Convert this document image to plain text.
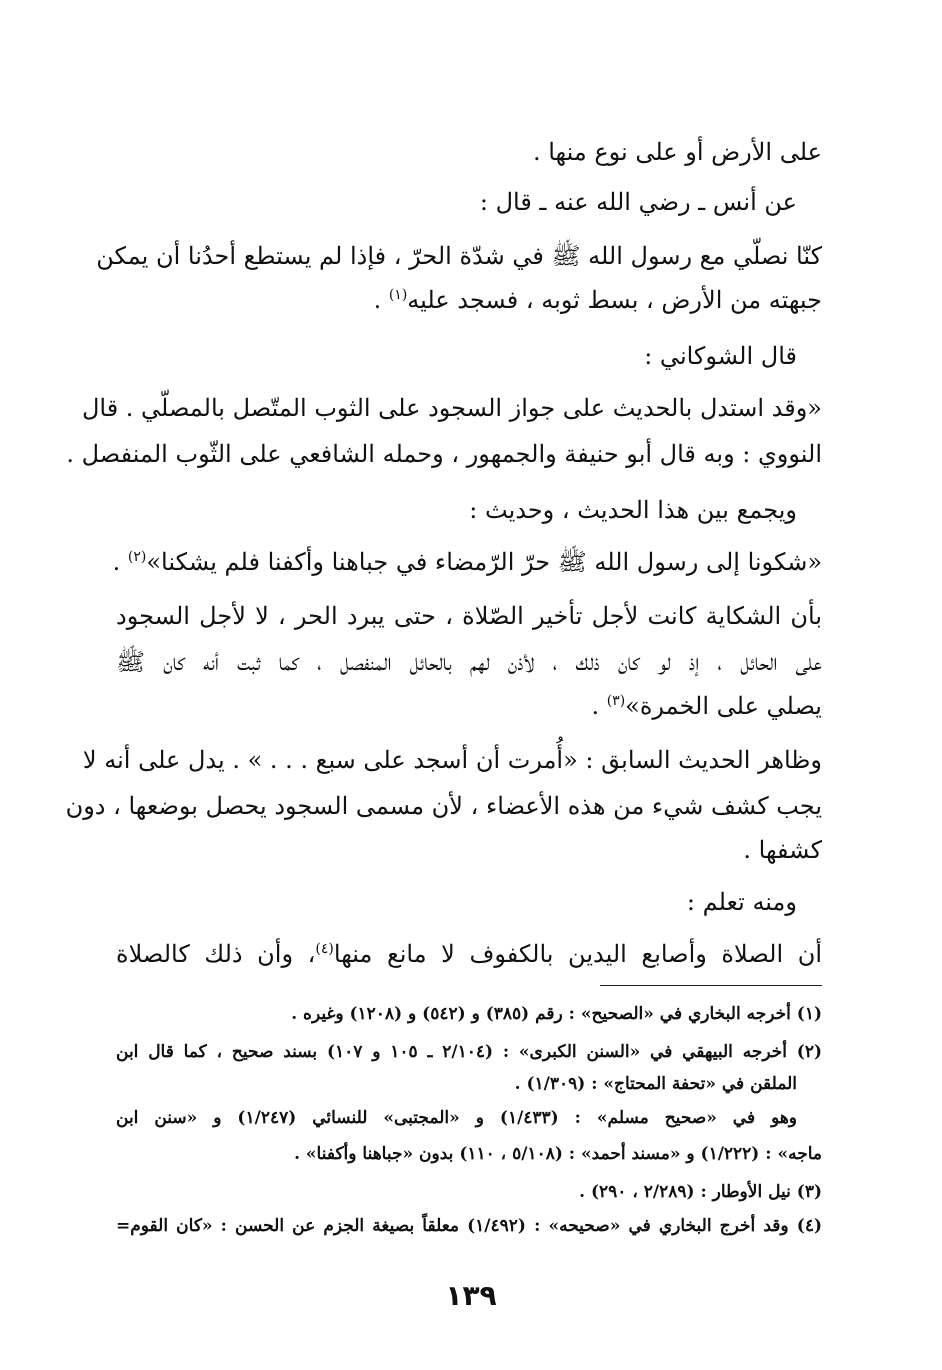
على الأرض أو على نوع منها .

عن أنس ـ رضي الله عنه ـ قال :

كنّا نصلّي مع رسول الله ﷺ في شدّة الحرّ ، فإذا لم يستطع أحدُنا أن يمكن

جبهته من الأرض ، بسط ثوبه ، فسجد عليه$^{(١)}$ .

قال الشوكاني :

«وقد استدل بالحديث على جواز السجود على الثوب المتّصل بالمصلّي . قال

النووي : وبه قال أبو حنيفة والجمهور ، وحمله الشافعي على الثّوب المنفصل .

ويجمع بين هذا الحديث ، وحديث :

«شكونا إلى رسول الله ﷺ حرّ الرّمضاء في جباهنا وأكفنا فلم يشكنا»$^{(٢)}$ .

بأن الشكاية كانت لأجل تأخير الصّلاة ، حتى يبرد الحر ، لا لأجل السجود

على الحائل ، إذ لو كان ذلك ، لأذن لهم بالحائل المنفصل ، كما ثبت أنه كان ﷺ

يصلي على الخمرة»$^{(٣)}$ .

وظاهر الحديث السابق : «أُمرت أن أسجد على سبع . . . » . يدل على أنه لا

يجب كشف شيء من هذه الأعضاء ، لأن مسمى السجود يحصل بوضعها ، دون

كشفها .

ومنه تعلم :

أن الصلاة وأصابع اليدين بالكفوف لا مانع منها$^{(٤)}$، وأن ذلك كالصلاة

(١) أخرجه البخاري في «الصحيح» : رقم (٣٨٥) و (٥٤٢) و (١٢٠٨) وغيره .

(٢) أخرجه البيهقي في «السنن الكبرى» : (٢/١٠٤ ـ ١٠٥ و ١٠٧) بسند صحيح ، كما قال ابن

الملقن في «تحفة المحتاج» : (١/٣٠٩) .

وهو في «صحيح مسلم» : (١/٤٣٣) و «المجتبى» للنسائي (١/٢٤٧) و «سنن ابن

ماجه» : (١/٢٢٢) و «مسند أحمد» : (٥/١٠٨ ، ١١٠) بدون «جباهنا وأكفنا» .

(٣) نيل الأوطار : (٢/٢٨٩ ، ٢٩٠) .

(٤) وقد أخرج البخاري في «صحيحه» : (١/٤٩٢) معلقاً بصيغة الجزم عن الحسن : «كان القوم=

١٣٩
